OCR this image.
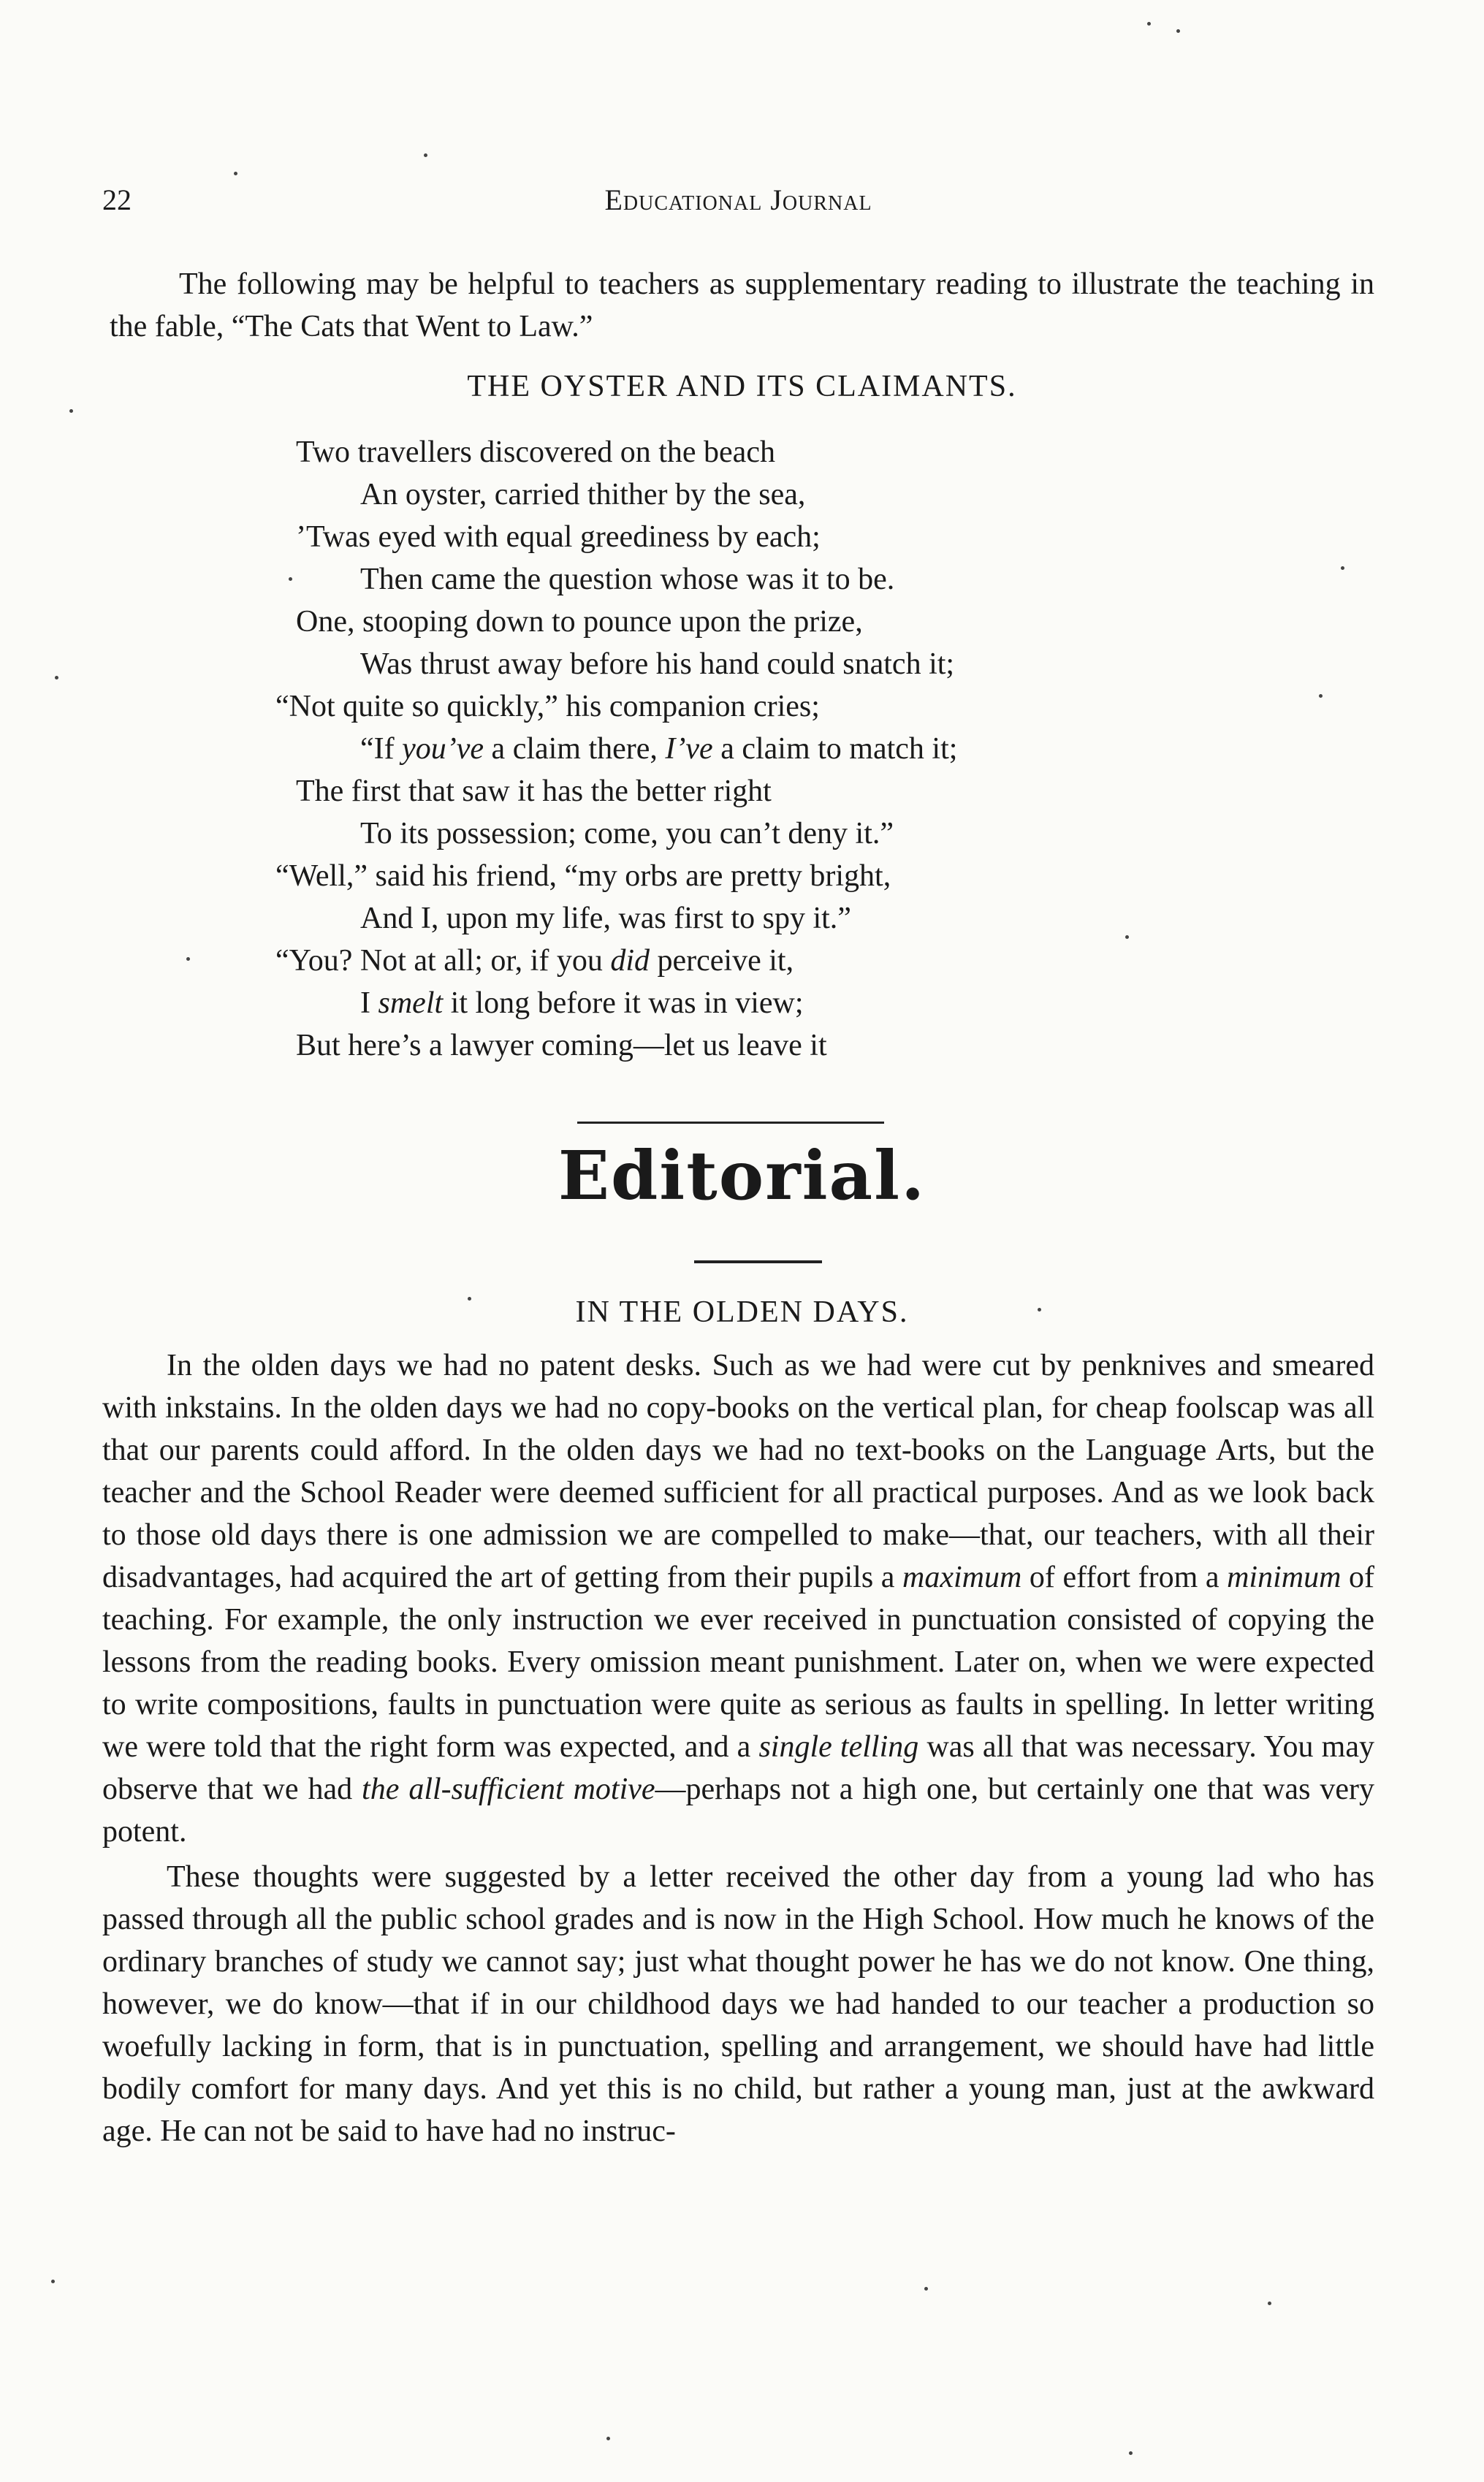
22	Educational Journal

The following may be helpful to teachers as supplementary reading to illustrate the teaching in the fable, “The Cats that Went to Law.”

THE OYSTER AND ITS CLAIMANTS.
Two travellers discovered on the beach
An oyster, carried thither by the sea,
’Twas eyed with equal greediness by each;
Then came the question whose was it to be.
One, stooping down to pounce upon the prize,
Was thrust away before his hand could snatch it;
“Not quite so quickly,” his companion cries;
“If you’ve a claim there, I’ve a claim to match it;
The first that saw it has the better right
To its possession; come, you can’t deny it.”
“Well,” said his friend, “my orbs are pretty bright,
And I, upon my life, was first to spy it.”
“You? Not at all; or, if you did perceive it,
I smelt it long before it was in view;
But here’s a lawyer coming—let us leave it
Editorial.
IN THE OLDEN DAYS.

In the olden days we had no patent desks. Such as we had were cut by penknives and smeared with inkstains. In the olden days we had no copy-books on the vertical plan, for cheap foolscap was all that our parents could afford. In the olden days we had no text-books on the Language Arts, but the teacher and the School Reader were deemed sufficient for all practical purposes. And as we look back to those old days there is one admission we are compelled to make—that, our teachers, with all their disadvantages, had acquired the art of getting from their pupils a maximum of effort from a minimum of teaching. For example, the only instruction we ever received in punctuation consisted of copying the lessons from the reading books. Every omission meant punishment. Later on, when we were expected to write compositions, faults in punctuation were quite as serious as faults in spelling. In letter writing we were told that the right form was expected, and a single telling was all that was necessary. You may observe that we had the all-sufficient motive—perhaps not a high one, but certainly one that was very potent.

These thoughts were suggested by a letter received the other day from a young lad who has passed through all the public school grades and is now in the High School. How much he knows of the ordinary branches of study we cannot say; just what thought power he has we do not know. One thing, however, we do know—that if in our childhood days we had handed to our teacher a production so woefully lacking in form, that is in punctuation, spelling and arrangement, we should have had little bodily comfort for many days. And yet this is no child, but rather a young man, just at the awkward age. He can not be said to have had no instruc-
